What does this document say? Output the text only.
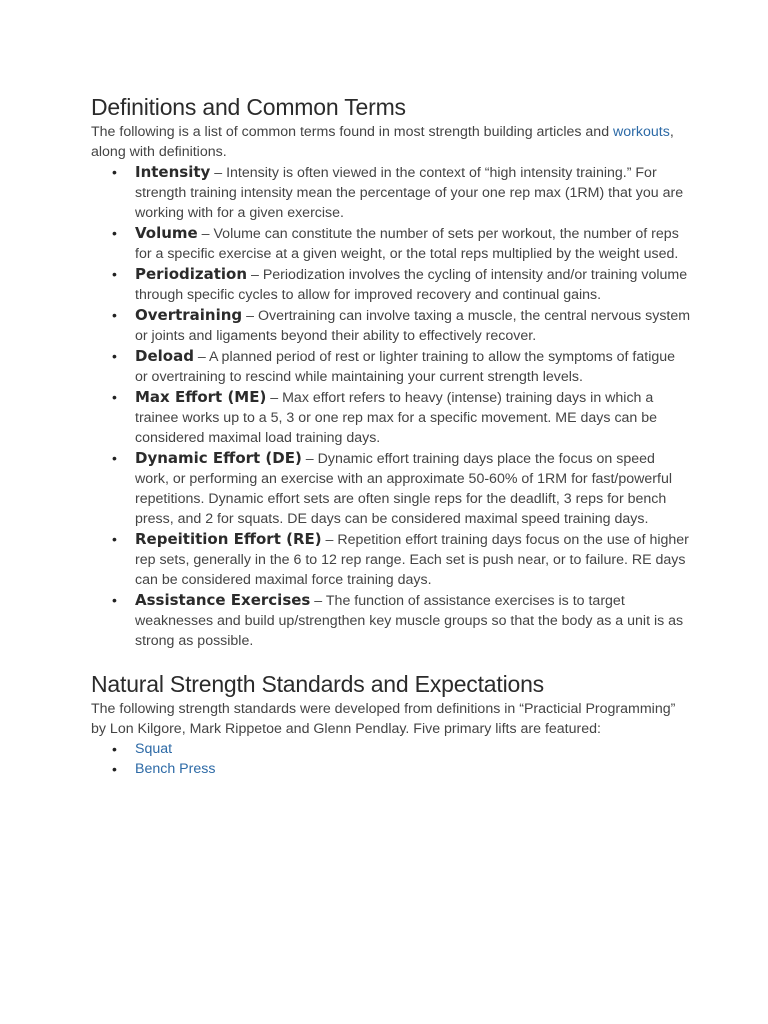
Definitions and Common Terms

The following is a list of common terms found in most strength building articles and workouts, along with definitions.

• Intensity – Intensity is often viewed in the context of “high intensity training.” For strength training intensity mean the percentage of your one rep max (1RM) that you are working with for a given exercise.
• Volume – Volume can constitute the number of sets per workout, the number of reps for a specific exercise at a given weight, or the total reps multiplied by the weight used.
• Periodization – Periodization involves the cycling of intensity and/or training volume through specific cycles to allow for improved recovery and continual gains.
• Overtraining – Overtraining can involve taxing a muscle, the central nervous system or joints and ligaments beyond their ability to effectively recover.
• Deload – A planned period of rest or lighter training to allow the symptoms of fatigue or overtraining to rescind while maintaining your current strength levels.
• Max Effort (ME) – Max effort refers to heavy (intense) training days in which a trainee works up to a 5, 3 or one rep max for a specific movement. ME days can be considered maximal load training days.
• Dynamic Effort (DE) – Dynamic effort training days place the focus on speed work, or performing an exercise with an approximate 50-60% of 1RM for fast/powerful repetitions. Dynamic effort sets are often single reps for the deadlift, 3 reps for bench press, and 2 for squats. DE days can be considered maximal speed training days.
• Repeitition Effort (RE) – Repetition effort training days focus on the use of higher rep sets, generally in the 6 to 12 rep range. Each set is push near, or to failure. RE days can be considered maximal force training days.
• Assistance Exercises – The function of assistance exercises is to target weaknesses and build up/strengthen key muscle groups so that the body as a unit is as strong as possible.
Natural Strength Standards and Expectations

The following strength standards were developed from definitions in “Practicial Programming” by Lon Kilgore, Mark Rippetoe and Glenn Pendlay. Five primary lifts are featured:

• Squat
• Bench Press
